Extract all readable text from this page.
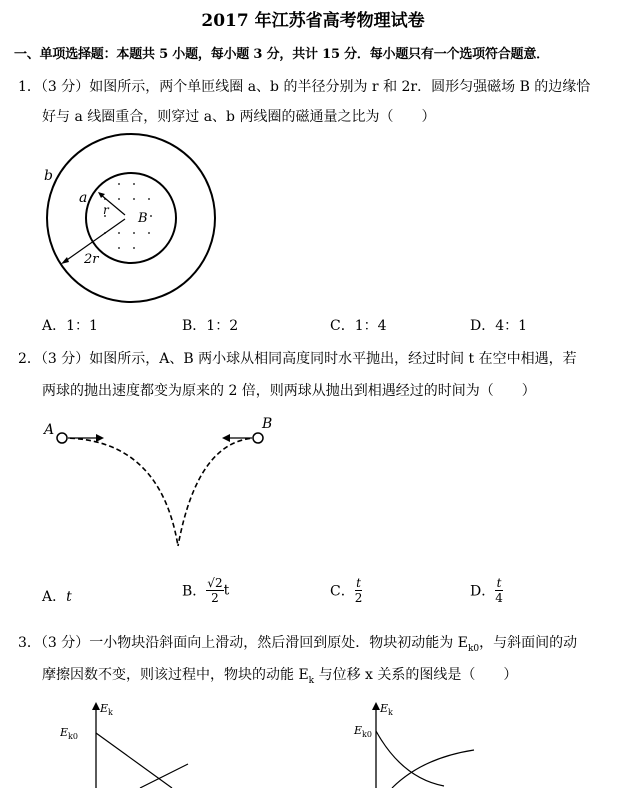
2017 年江苏省高考物理试卷
一、单项选择题：本题共 5 小题，每小题 3 分，共计 15 分．每小题只有一个选项符合题意．
1．（3 分）如图所示，两个单匝线圈 a、b 的半径分别为 r 和 2r．圆形匀强磁场 B 的边缘恰
好与 a 线圈重合，则穿过 a、b 两线圈的磁通量之比为（　　）
b
a
r
B
2r
A．1：1	B．1：2	C．1：4	D．4：1
2．（3 分）如图所示，A、B 两小球从相同高度同时水平抛出，经过时间 t 在空中相遇，若
两球的抛出速度都变为原来的 2 倍，则两球从抛出到相遇经过的时间为（　　）
A	B
A．t	B． $\frac{√2}{2}$ t	C． $\frac{t}{2}$	D． $\frac{t}{4}$
3．（3 分）一小物块沿斜面向上滑动，然后滑回到原处．物块初动能为 $E_{k0}$，与斜面间的动
摩擦因数不变，则该过程中，物块的动能 $E_k$ 与位移 x 关系的图线是（　　）
$E_k$
$E_{k0}$
$E_k$
$E_{k0}$
